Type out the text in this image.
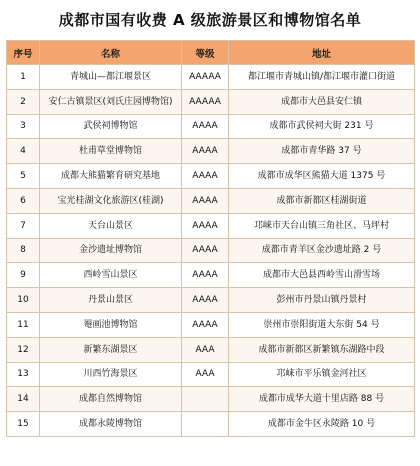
成都市国有收费 A 级旅游景区和博物馆名单
序号	名称	等级	地址
1	青城山—都江堰景区	AAAAA	都江堰市青城山镇/都江堰市灌口街道
2	安仁古镇景区(刘氏庄园博物馆)	AAAAA	成都市大邑县安仁镇
3	武侯祠博物馆	AAAA	成都市武侯祠大街 231 号
4	杜甫草堂博物馆	AAAA	成都市青华路 37 号
5	成都大熊猫繁育研究基地	AAAA	成都市成华区熊猫大道 1375 号
6	宝光桂湖文化旅游区(桂湖)	AAAA	成都市新都区桂湖街道
7	天台山景区	AAAA	邛崃市天台山镇三角社区、马坪村
8	金沙遗址博物馆	AAAA	成都市青羊区金沙遗址路 2 号
9	西岭雪山景区	AAAA	成都市大邑县西岭雪山滑雪场
10	丹景山景区	AAAA	彭州市丹景山镇丹景村
11	罨画池博物馆	AAAA	崇州市崇阳街道大东街 54 号
12	新繁东湖景区	AAA	成都市新都区新繁镇东湖路中段
13	川西竹海景区	AAA	邛崃市平乐镇金河社区
14	成都自然博物馆		成都市成华大道十里店路 88 号
15	成都永陵博物馆		成都市金牛区永陵路 10 号
